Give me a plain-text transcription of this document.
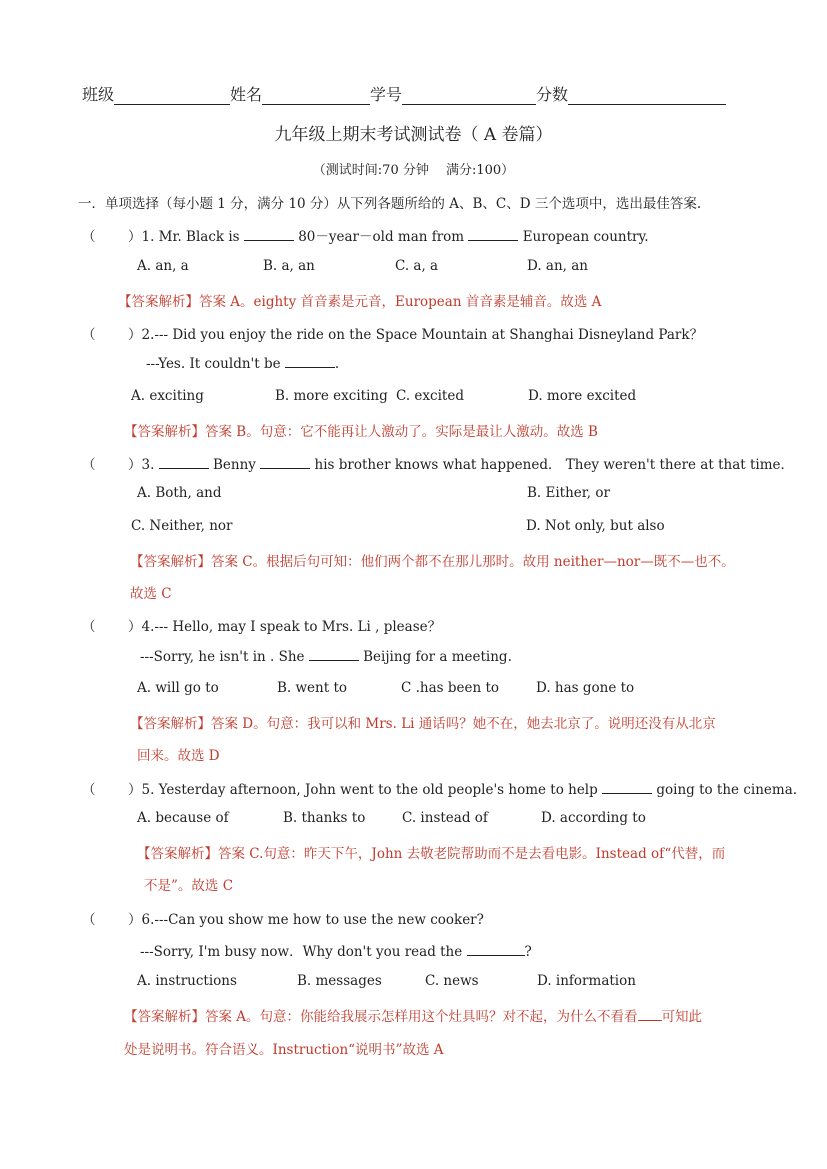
班级	姓名	学号	分数
九年级上期末考试测试卷（ A 卷篇）
（测试时间:70 分钟　 满分:100）
一．单项选择（每小题 1 分，满分 10 分）从下列各题所给的 A、B、C、D 三个选项中，选出最佳答案.
（ ）1. Mr. Black is	80－year－old man from	European country.
A. an, a	B. a, an	C. a, a	D. an, an
【答案解析】答案 A。eighty 首音素是元音，European 首音素是辅音。故选 A
（ ）2.--- Did you enjoy the ride on the Space Mountain at Shanghai Disneyland Park？
---Yes. It couldn't be	.
A. exciting	B. more exciting C. excited	D. more excited
【答案解析】答案 B。句意：它不能再让人激动了。实际是最让人激动。故选 B
（ ）3.	Benny	his brother knows what happened． They weren't there at that time．
A. Both, and	B. Either, or
C. Neither, nor	D. Not only, but also
【答案解析】答案 C。根据后句可知：他们两个都不在那儿那时。故用 neither—nor—既不—也不。
故选 C
（ ）4.--- Hello, may I speak to Mrs. Li , please？
---Sorry, he isn't in . She	Beijing for a meeting.
A. will go to	B. went to	C .has been to	D. has gone to
【答案解析】答案 D。句意：我可以和 Mrs. Li 通话吗？她不在，她去北京了。说明还没有从北京
回来。故选 D
（ ）5. Yesterday afternoon, John went to the old people's home to help	going to the cinema.
A. because of	B. thanks to	C. instead of	D. according to
【答案解析】答案 C.句意：昨天下午，John 去敬老院帮助而不是去看电影。Instead of“代替，而
不是”。故选 C
（ ）6.---Can you show me how to use the new cooker?
---Sorry, I'm busy now．Why don't you read the	?
A. instructions	B. messages	C. news	D. information
【答案解析】答案 A。句意：你能给我展示怎样用这个灶具吗？对不起，为什么不看看 可知此
处是说明书。符合语义。Instruction“说明书”故选 A
